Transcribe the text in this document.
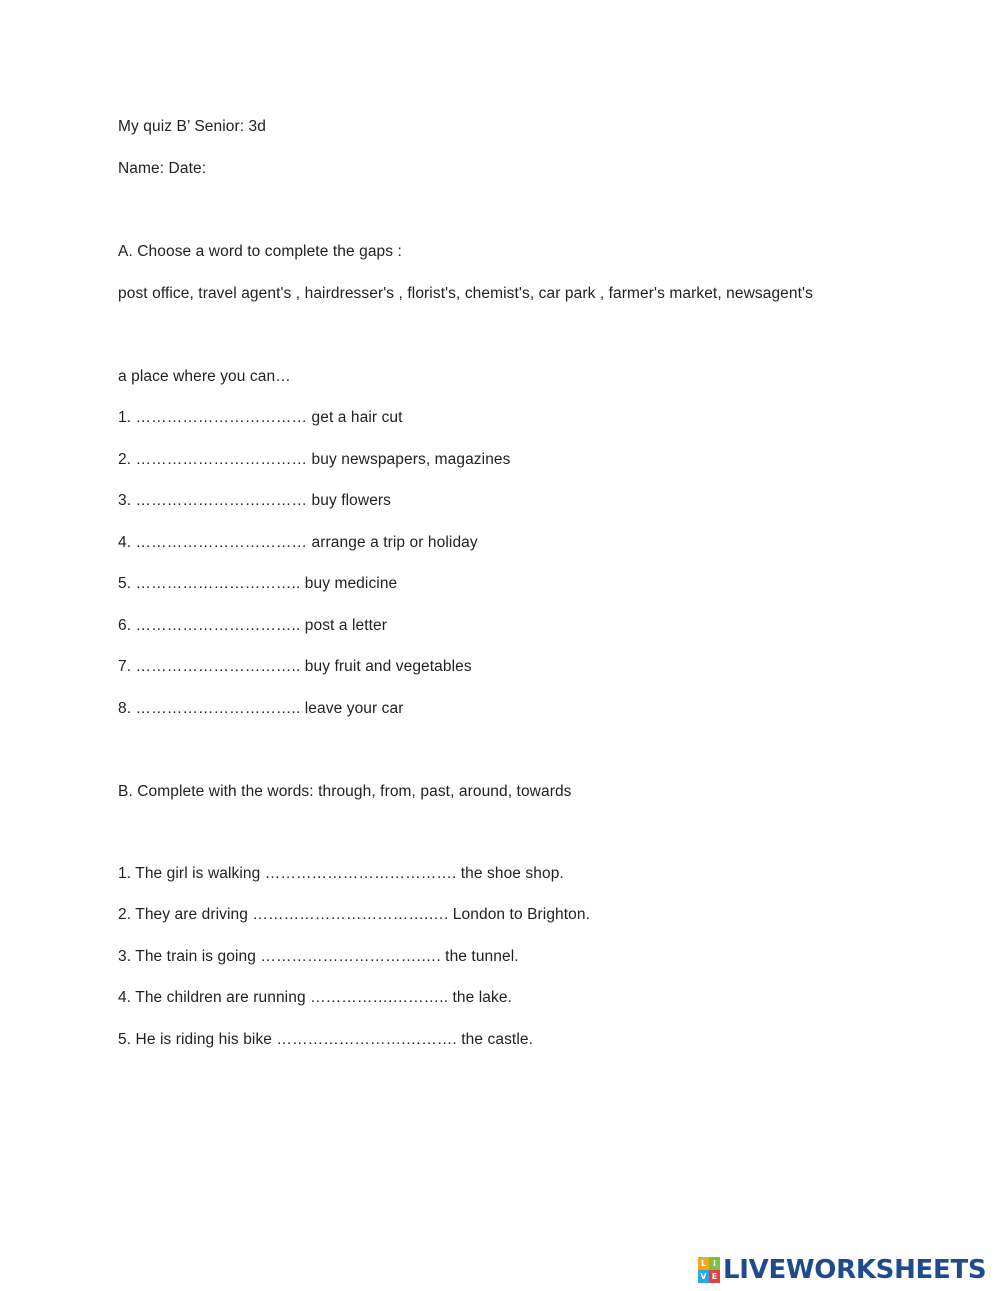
My quiz B’ Senior: 3d
Name: Date:
A. Choose a word to complete the gaps :
post office, travel agent's , hairdresser's , florist's, chemist's, car park , farmer's market, newsagent's
a place where you can…
1. …………………………… get a hair cut
2. …………………………… buy newspapers, magazines
3. …………………………… buy flowers
4. …………………………… arrange a trip or holiday
5. ………………………….. buy medicine
6. ………………………….. post a letter
7. ………………………….. buy fruit and vegetables
8. ………………………….. leave your car
B. Complete with the words: through, from, past, around, towards
1. The girl is walking ………………………………. the shoe shop.
2. They are driving …………………………….…. London to Brighton.
3. The train is going ………………………….…. the tunnel.
4. The children are running …………….……….. the lake.
5. He is riding his bike …………………….………. the castle.
L I
V E LIVEWORKSHEETS
